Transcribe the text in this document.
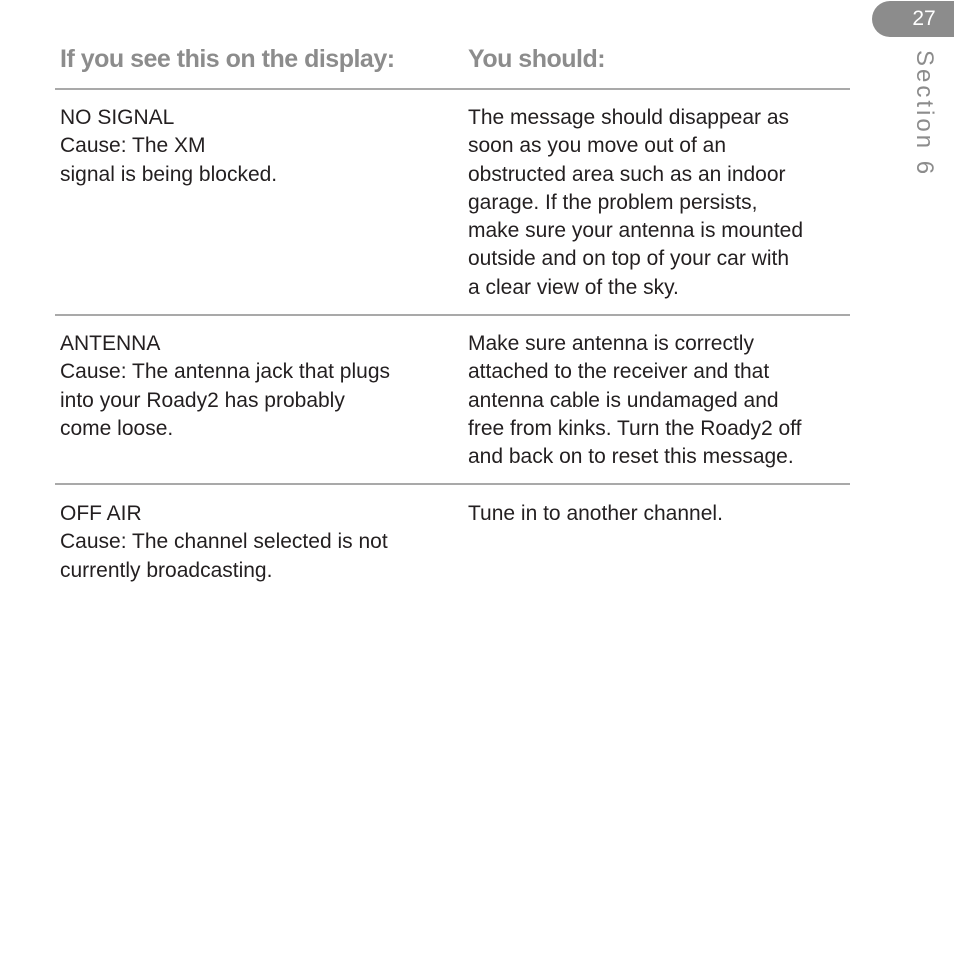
27
Section 6
If you see this on the display:	You should:
NO SIGNAL
Cause: The XM
signal is being blocked.
The message should disappear as
soon as you move out of an
obstructed area such as an indoor
garage. If the problem persists,
make sure your antenna is mounted
outside and on top of your car with
a clear view of the sky.
ANTENNA
Cause: The antenna jack that plugs
into your Roady2 has probably
come loose.
Make sure antenna is correctly
attached to the receiver and that
antenna cable is undamaged and
free from kinks. Turn the Roady2 off
and back on to reset this message.
OFF AIR
Cause: The channel selected is not
currently broadcasting.
Tune in to another channel.
